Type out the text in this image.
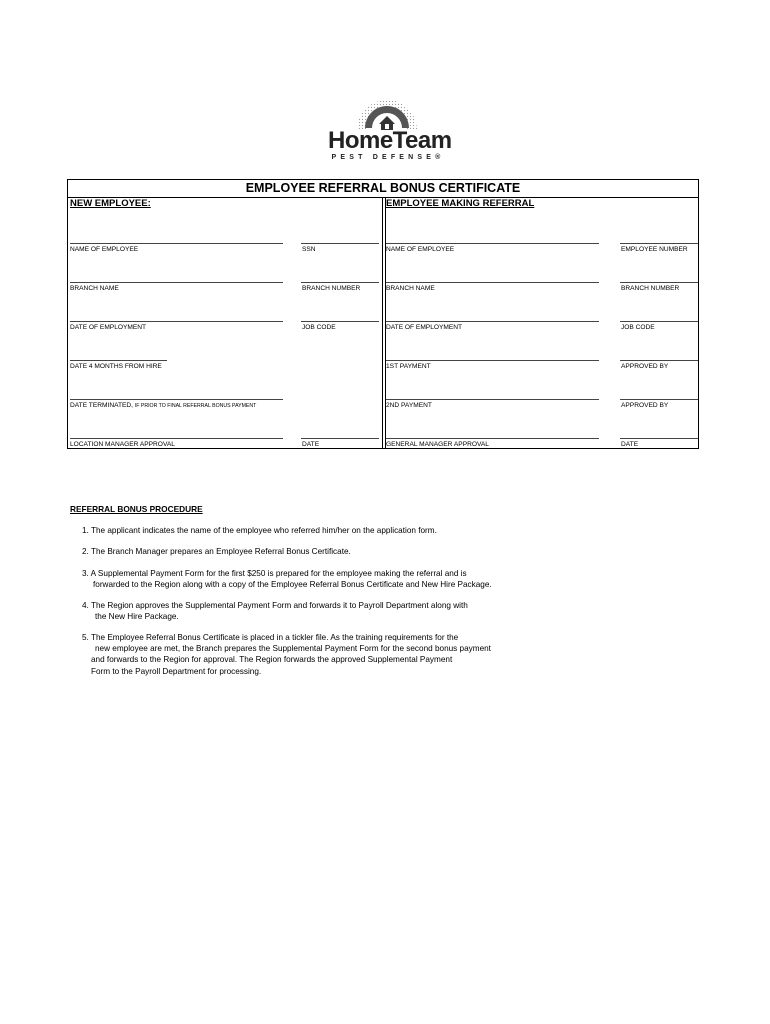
HomeTeam
PEST DEFENSE®
EMPLOYEE REFERRAL BONUS CERTIFICATE
NEW EMPLOYEE:
NAME OF EMPLOYEE	SSN
BRANCH NAME	BRANCH NUMBER
DATE OF EMPLOYMENT	JOB CODE
DATE 4 MONTHS FROM HIRE
DATE TERMINATED, IF PRIOR TO FINAL REFERRAL BONUS PAYMENT
LOCATION MANAGER APPROVAL	DATE
EMPLOYEE MAKING REFERRAL
NAME OF EMPLOYEE	EMPLOYEE NUMBER
BRANCH NAME	BRANCH NUMBER
DATE OF EMPLOYMENT	JOB CODE
1ST PAYMENT	APPROVED BY
2ND PAYMENT	APPROVED BY
GENERAL MANAGER APPROVAL	DATE
REFERRAL BONUS PROCEDURE
1. The applicant indicates the name of the employee who referred him/her on the application form.
2. The Branch Manager prepares an Employee Referral Bonus Certificate.
3. A Supplemental Payment Form for the first $250 is prepared for the employee making the referral and is
forwarded to the Region along with a copy of the Employee Referral Bonus Certificate and New Hire Package.
4. The Region approves the Supplemental Payment Form and forwards it to Payroll Department along with
the New Hire Package.
5. The Employee Referral Bonus Certificate is placed in a tickler file. As the training requirements for the
new employee are met, the Branch prepares the Supplemental Payment Form for the second bonus payment
and forwards to the Region for approval. The Region forwards the approved Supplemental Payment
Form to the Payroll Department for processing.
